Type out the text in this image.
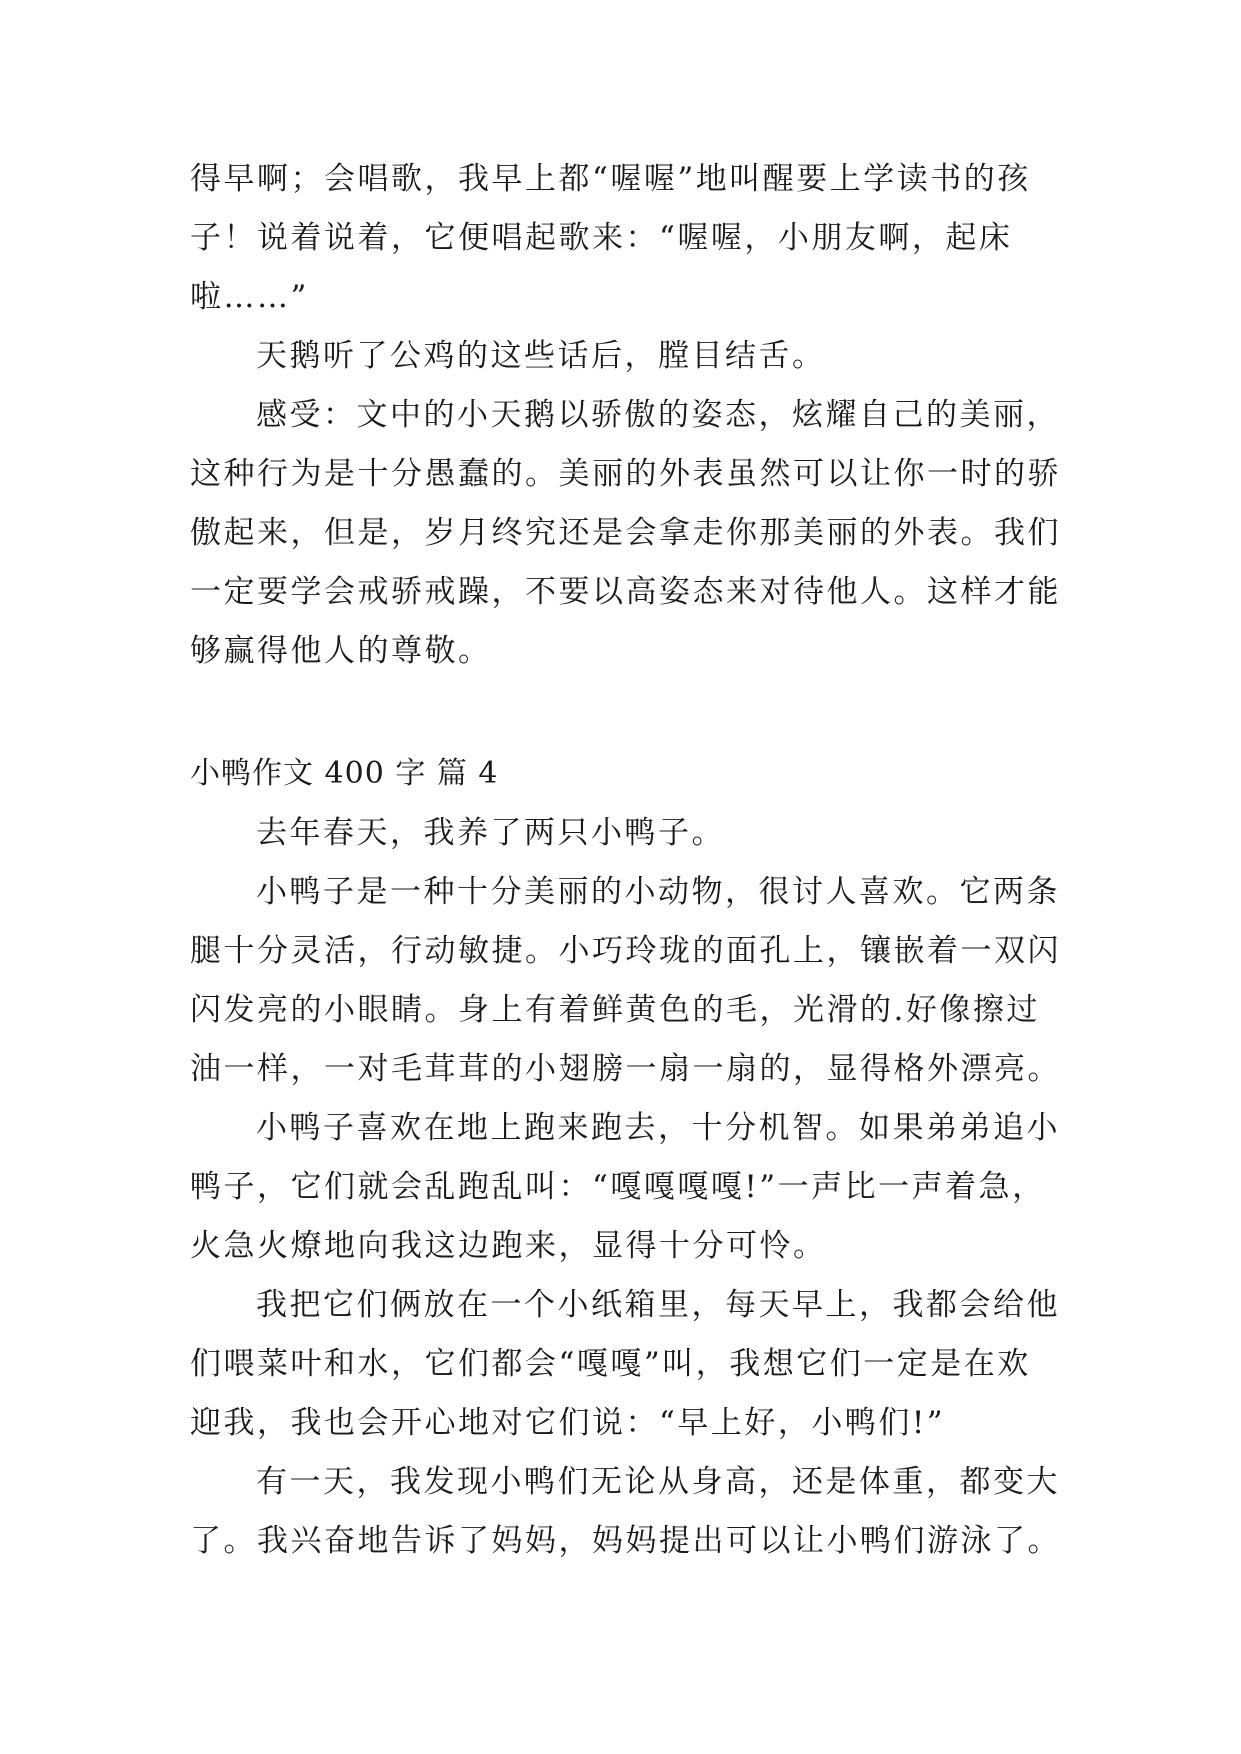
得早啊；会唱歌，我早上都“喔喔”地叫醒要上学读书的孩
子！说着说着，它便唱起歌来：“喔喔，小朋友啊，起床
啦……”
天鹅听了公鸡的这些话后，膛目结舌。
感受：文中的小天鹅以骄傲的姿态，炫耀自己的美丽，
这种行为是十分愚蠢的。美丽的外表虽然可以让你一时的骄
傲起来，但是，岁月终究还是会拿走你那美丽的外表。我们
一定要学会戒骄戒躁，不要以高姿态来对待他人。这样才能
够赢得他人的尊敬。
小鸭作文 400 字 篇 4
去年春天，我养了两只小鸭子。
小鸭子是一种十分美丽的小动物，很讨人喜欢。它两条
腿十分灵活，行动敏捷。小巧玲珑的面孔上，镶嵌着一双闪
闪发亮的小眼睛。身上有着鲜黄色的毛，光滑的.好像擦过
油一样，一对毛茸茸的小翅膀一扇一扇的，显得格外漂亮。
小鸭子喜欢在地上跑来跑去，十分机智。如果弟弟追小
鸭子，它们就会乱跑乱叫：“嘎嘎嘎嘎!”一声比一声着急，
火急火燎地向我这边跑来，显得十分可怜。
我把它们俩放在一个小纸箱里，每天早上，我都会给他
们喂菜叶和水，它们都会“嘎嘎”叫，我想它们一定是在欢
迎我，我也会开心地对它们说：“早上好，小鸭们!”
有一天，我发现小鸭们无论从身高，还是体重，都变大
了。我兴奋地告诉了妈妈，妈妈提出可以让小鸭们游泳了。
